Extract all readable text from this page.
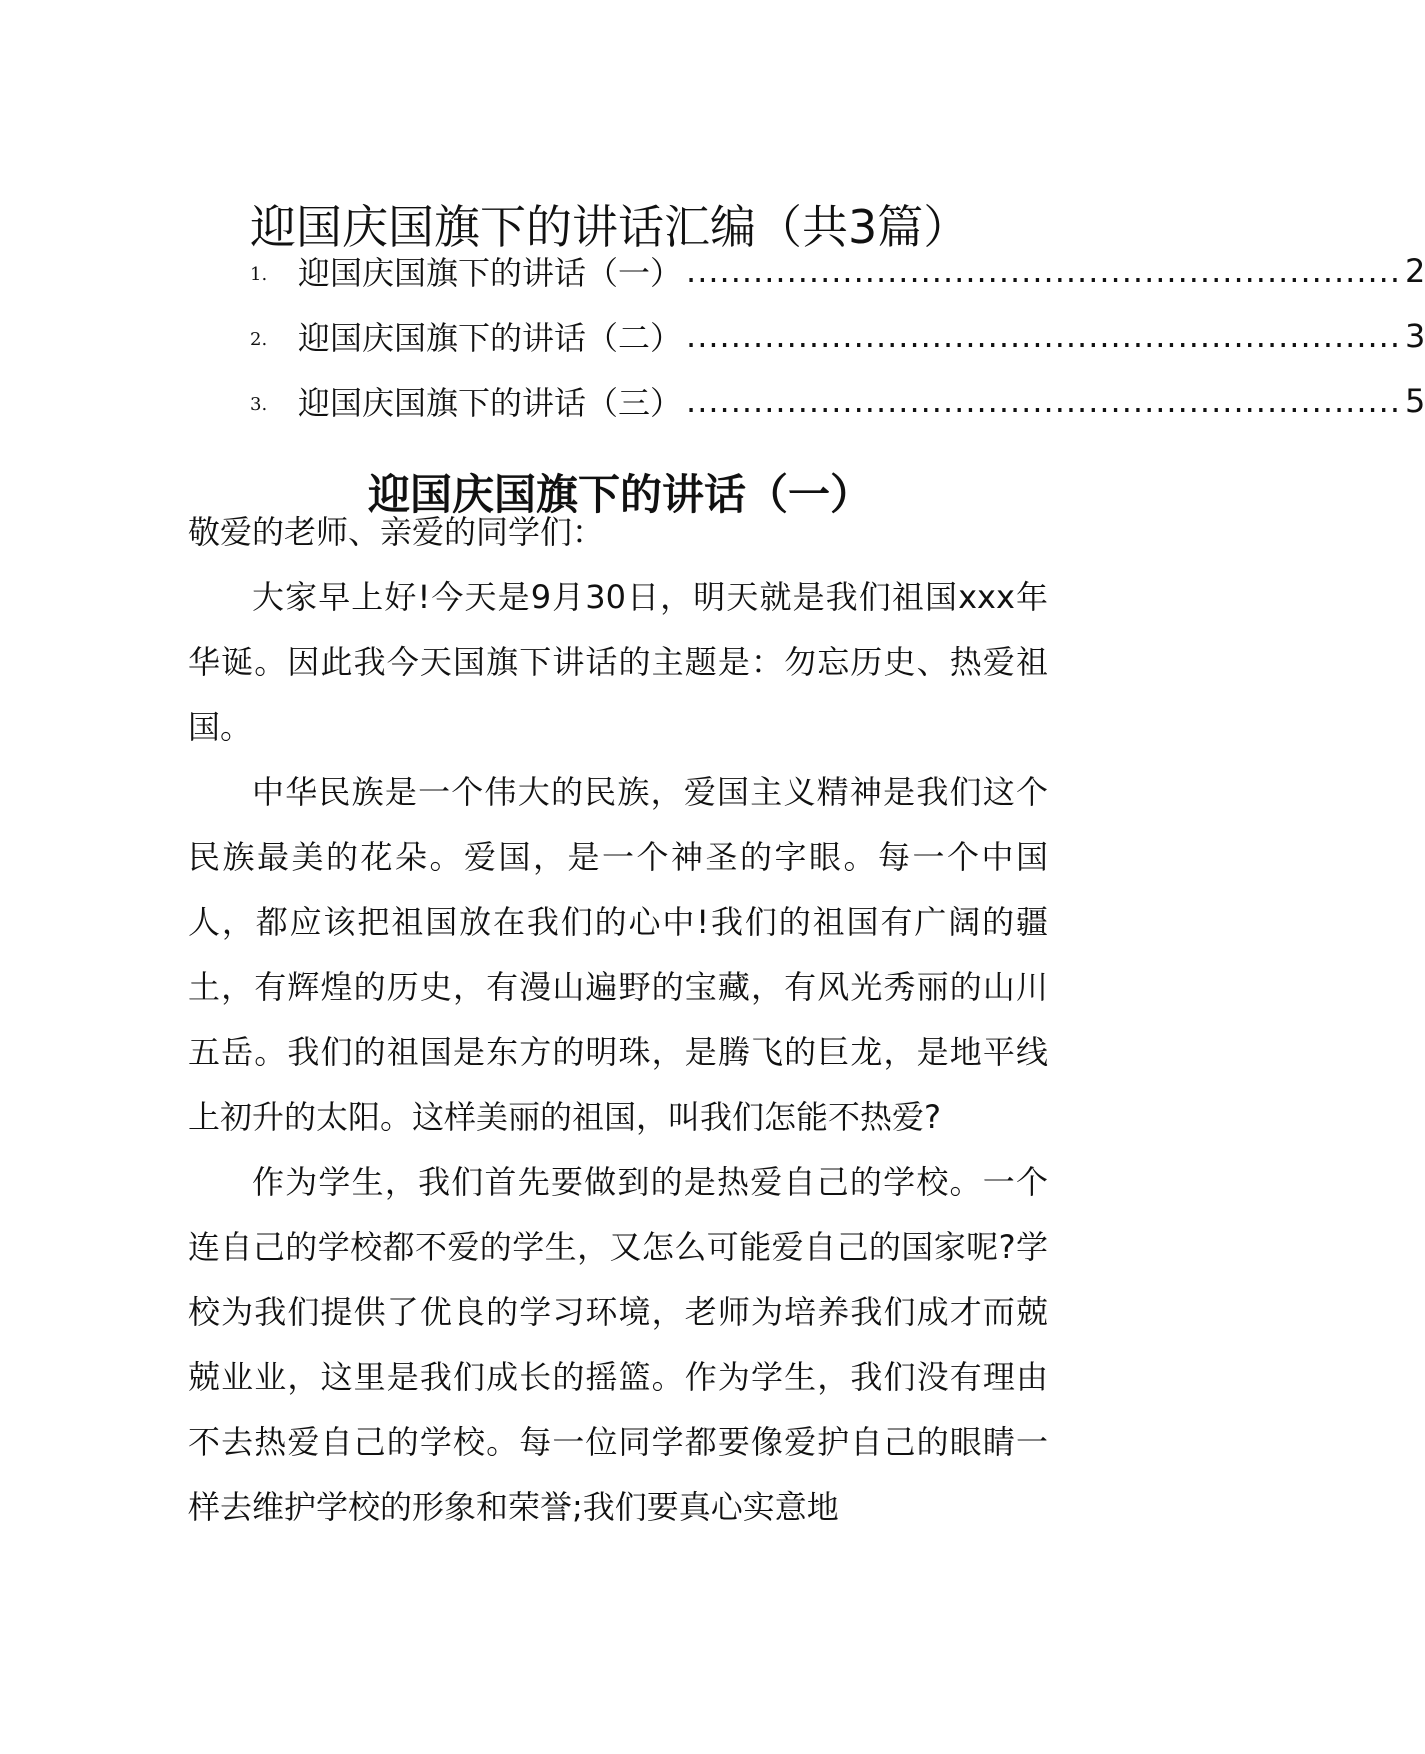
迎国庆国旗下的讲话汇编（共3篇）
1. 迎国庆国旗下的讲话（一） ................................................................ 2
2. 迎国庆国旗下的讲话（二） ................................................................ 3
3. 迎国庆国旗下的讲话（三） ................................................................ 5
迎国庆国旗下的讲话（一）

敬爱的老师、亲爱的同学们：

大家早上好!今天是9月30日，明天就是我们祖国xxx年华诞。因此我今天国旗下讲话的主题是：勿忘历史、热爱祖国。

中华民族是一个伟大的民族，爱国主义精神是我们这个民族最美的花朵。爱国，是一个神圣的字眼。每一个中国人，都应该把祖国放在我们的心中!我们的祖国有广阔的疆土，有辉煌的历史，有漫山遍野的宝藏，有风光秀丽的山川五岳。我们的祖国是东方的明珠，是腾飞的巨龙，是地平线上初升的太阳。这样美丽的祖国，叫我们怎能不热爱?

作为学生，我们首先要做到的是热爱自己的学校。一个连自己的学校都不爱的学生，又怎么可能爱自己的国家呢?学校为我们提供了优良的学习环境，老师为培养我们成才而兢兢业业，这里是我们成长的摇篮。作为学生，我们没有理由不去热爱自己的学校。每一位同学都要像爱护自己的眼睛一样去维护学校的形象和荣誉;我们要真心实意地
